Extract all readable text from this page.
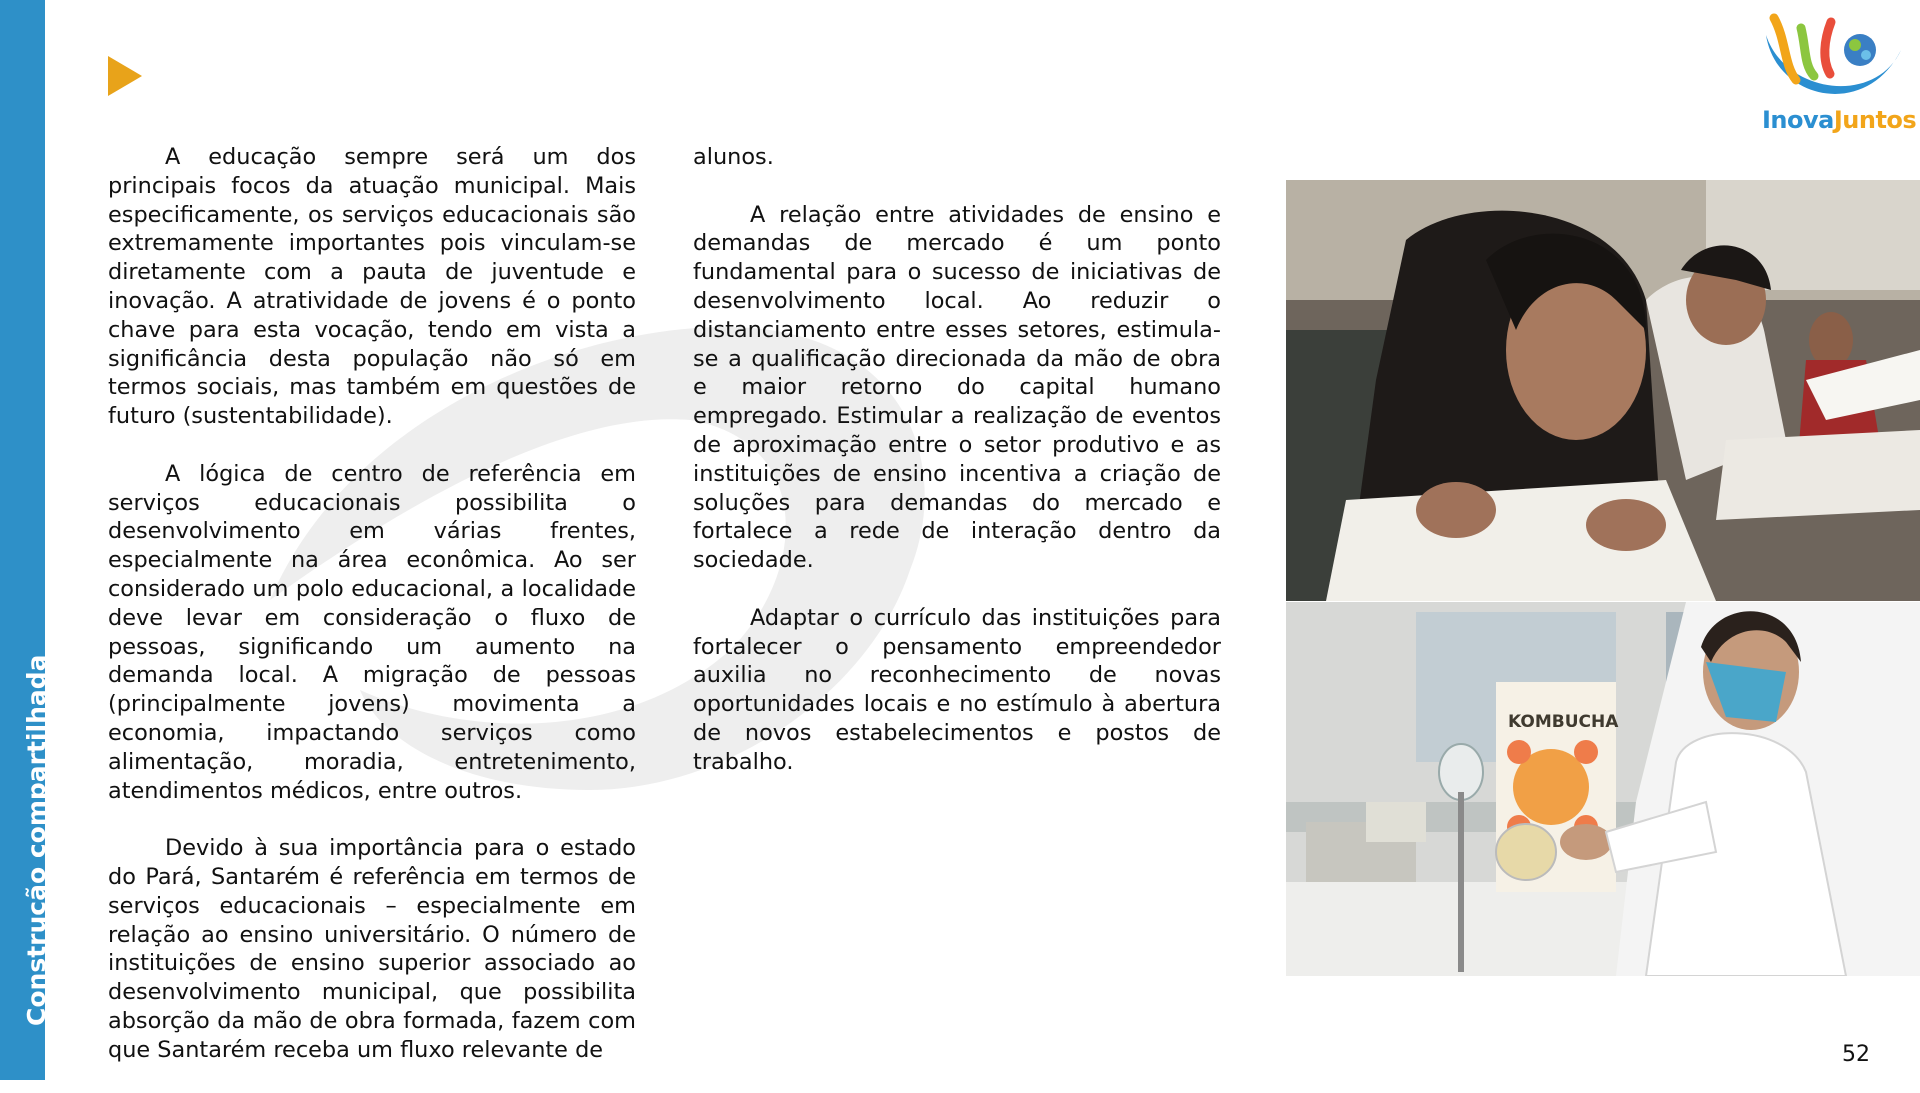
Construção compartilhada

A educação sempre será um dos principais focos da atuação municipal. Mais especificamente, os serviços educacionais são extremamente importantes pois vinculam-se diretamente com a pauta de juventude e inovação. A atratividade de jovens é o ponto chave para esta vocação, tendo em vista a significância desta população não só em termos sociais, mas também em questões de futuro (sustentabilidade).

A lógica de centro de referência em serviços educacionais possibilita o desenvolvimento em várias frentes, especialmente na área econômica. Ao ser considerado um polo educacional, a localidade deve levar em consideração o fluxo de pessoas, significando um aumento na demanda local. A migração de pessoas (principalmente jovens) movimenta a economia, impactando serviços como alimentação, moradia, entretenimento, atendimentos médicos, entre outros.

Devido à sua importância para o estado do Pará, Santarém é referência em termos de serviços educacionais – especialmente em relação ao ensino universitário. O número de instituições de ensino superior associado ao desenvolvimento municipal, que possibilita absorção da mão de obra formada, fazem com que Santarém receba um fluxo relevante de

alunos.

A relação entre atividades de ensino e demandas de mercado é um ponto fundamental para o sucesso de iniciativas de desenvolvimento local. Ao reduzir o distanciamento entre esses setores, estimula-se a qualificação direcionada da mão de obra e maior retorno do capital humano empregado. Estimular a realização de eventos de aproximação entre o setor produtivo e as instituições de ensino incentiva a criação de soluções para demandas do mercado e fortalece a rede de interação dentro da sociedade.

Adaptar o currículo das instituições para fortalecer o pensamento empreendedor auxilia no reconhecimento de novas oportunidades locais e no estímulo à abertura de novos estabelecimentos e postos de trabalho.

InovaJuntos
KOMBUCHA
52
